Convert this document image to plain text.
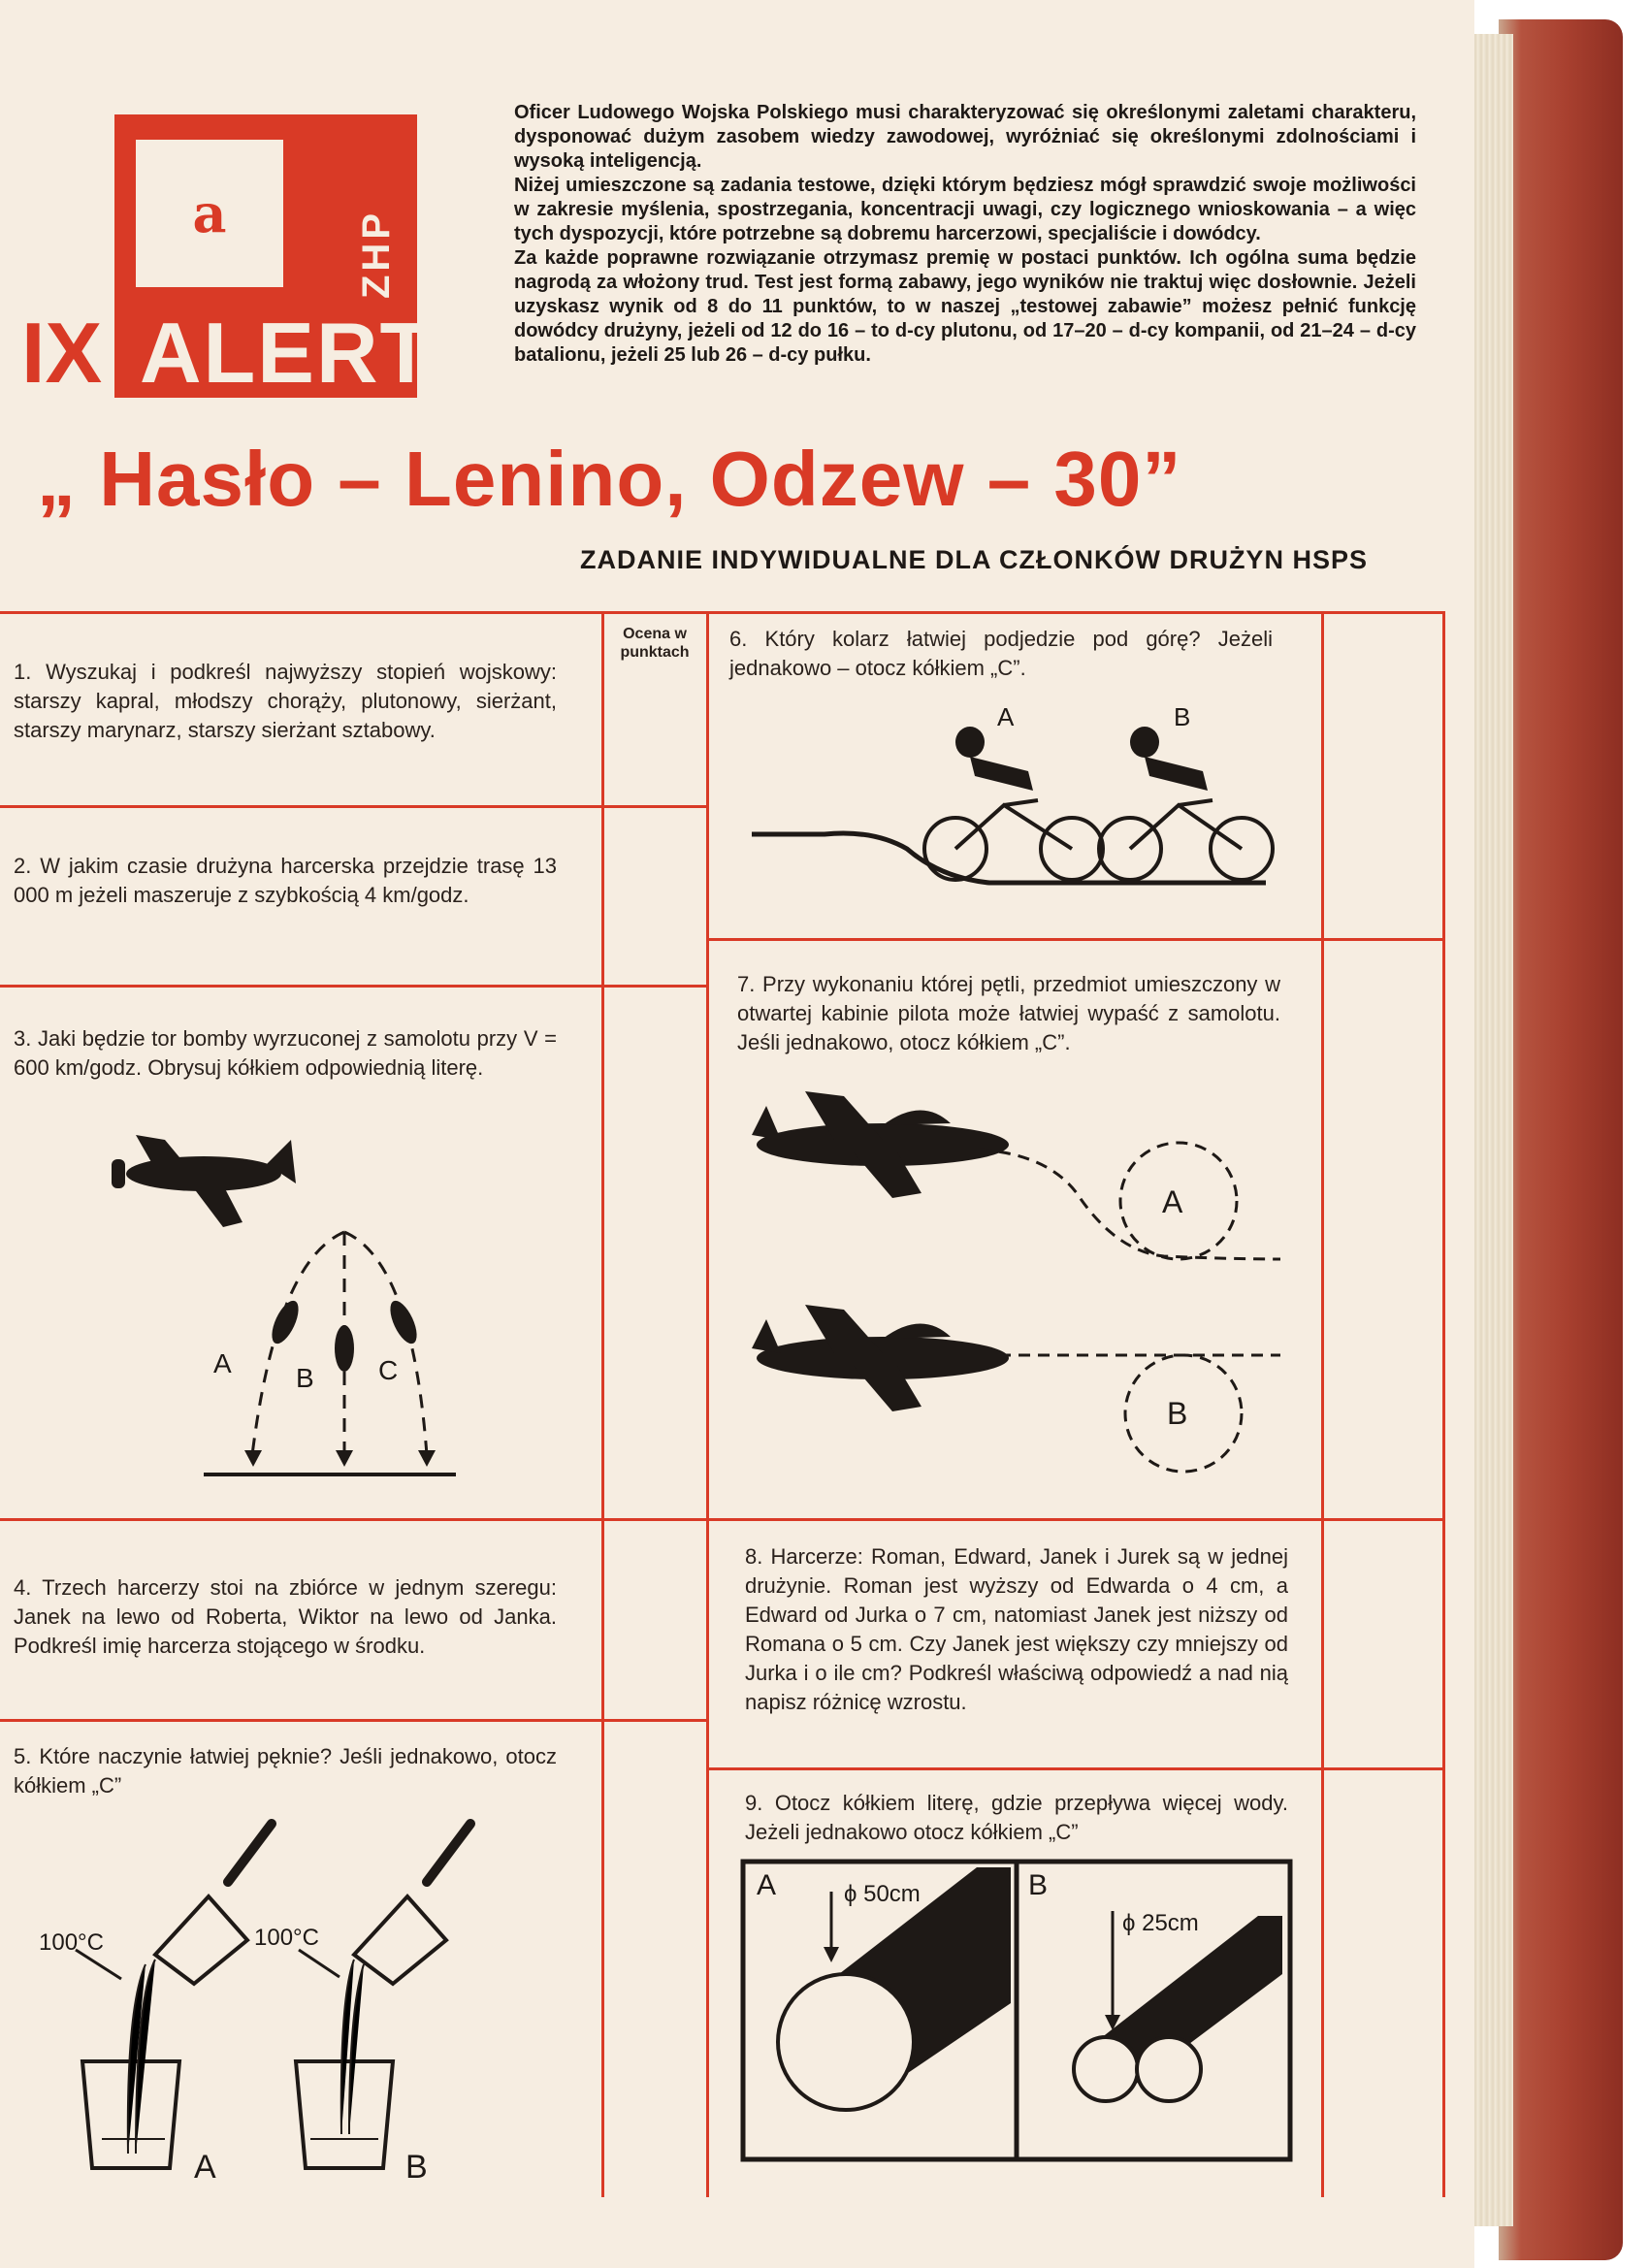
a	ZHP
ALERT
IX

Oficer Ludowego Wojska Polskiego musi charakteryzować się określonymi zaletami charakteru, dysponować dużym zasobem wiedzy zawodowej, wyróżniać się określonymi zdolnościami i wysoką inteligencją.

Niżej umieszczone są zadania testowe, dzięki którym będziesz mógł sprawdzić swoje możliwości w zakresie myślenia, spostrzegania, koncentracji uwagi, czy logicznego wnioskowania – a więc tych dyspozycji, które potrzebne są dobremu harcerzowi, specjaliście i dowódcy.

Za każde poprawne rozwiązanie otrzymasz premię w postaci punktów. Ich ogólna suma będzie nagrodą za włożony trud. Test jest formą zabawy, jego wyników nie traktuj więc dosłownie. Jeżeli uzyskasz wynik od 8 do 11 punktów, to w naszej „testowej zabawie” możesz pełnić funkcję dowódcy drużyny, jeżeli od 12 do 16 – to d-cy plutonu, od 17–20 – d-cy kompanii, od 21–24 – d-cy batalionu, jeżeli 25 lub 26 – d-cy pułku.

„ Hasło – Lenino, Odzew – 30”
ZADANIE INDYWIDUALNE DLA CZŁONKÓW DRUŻYN HSPS
Ocena w punktach
1. Wyszukaj i podkreśl najwyższy stopień wojskowy: starszy kapral, młodszy chorąży, plutonowy, sierżant, starszy marynarz, starszy sierżant sztabowy.
2. W jakim czasie drużyna harcerska przejdzie trasę 13 000 m jeżeli maszeruje z szybkością 4 km/godz.
3. Jaki będzie tor bomby wyrzuconej z samolotu przy V = 600 km/godz. Obrysuj kółkiem odpowiednią literę.
A B C
4. Trzech harcerzy stoi na zbiórce w jednym szeregu: Janek na lewo od Roberta, Wiktor na lewo od Janka. Podkreśl imię harcerza stojącego w środku.
5. Które naczynie łatwiej pęknie? Jeśli jednakowo, otocz kółkiem „C”
100°C	100°C
A	B
6. Który kolarz łatwiej podjedzie pod górę? Jeżeli jednakowo – otocz kółkiem „C”.
A	B
7. Przy wykonaniu której pętli, przedmiot umieszczony w otwartej kabinie pilota może łatwiej wypaść z samolotu. Jeśli jednakowo, otocz kółkiem „C”.
A
B
8. Harcerze: Roman, Edward, Janek i Jurek są w jednej drużynie. Roman jest wyższy od Edwarda o 4 cm, a Edward od Jurka o 7 cm, natomiast Janek jest niższy od Romana o 5 cm. Czy Janek jest większy czy mniejszy od Jurka i o ile cm? Podkreśl właściwą odpowiedź a nad nią napisz różnicę wzrostu.
9. Otocz kółkiem literę, gdzie przepływa więcej wody. Jeżeli jednakowo otocz kółkiem „C”
A	B
ϕ 50cm
ϕ 25cm
